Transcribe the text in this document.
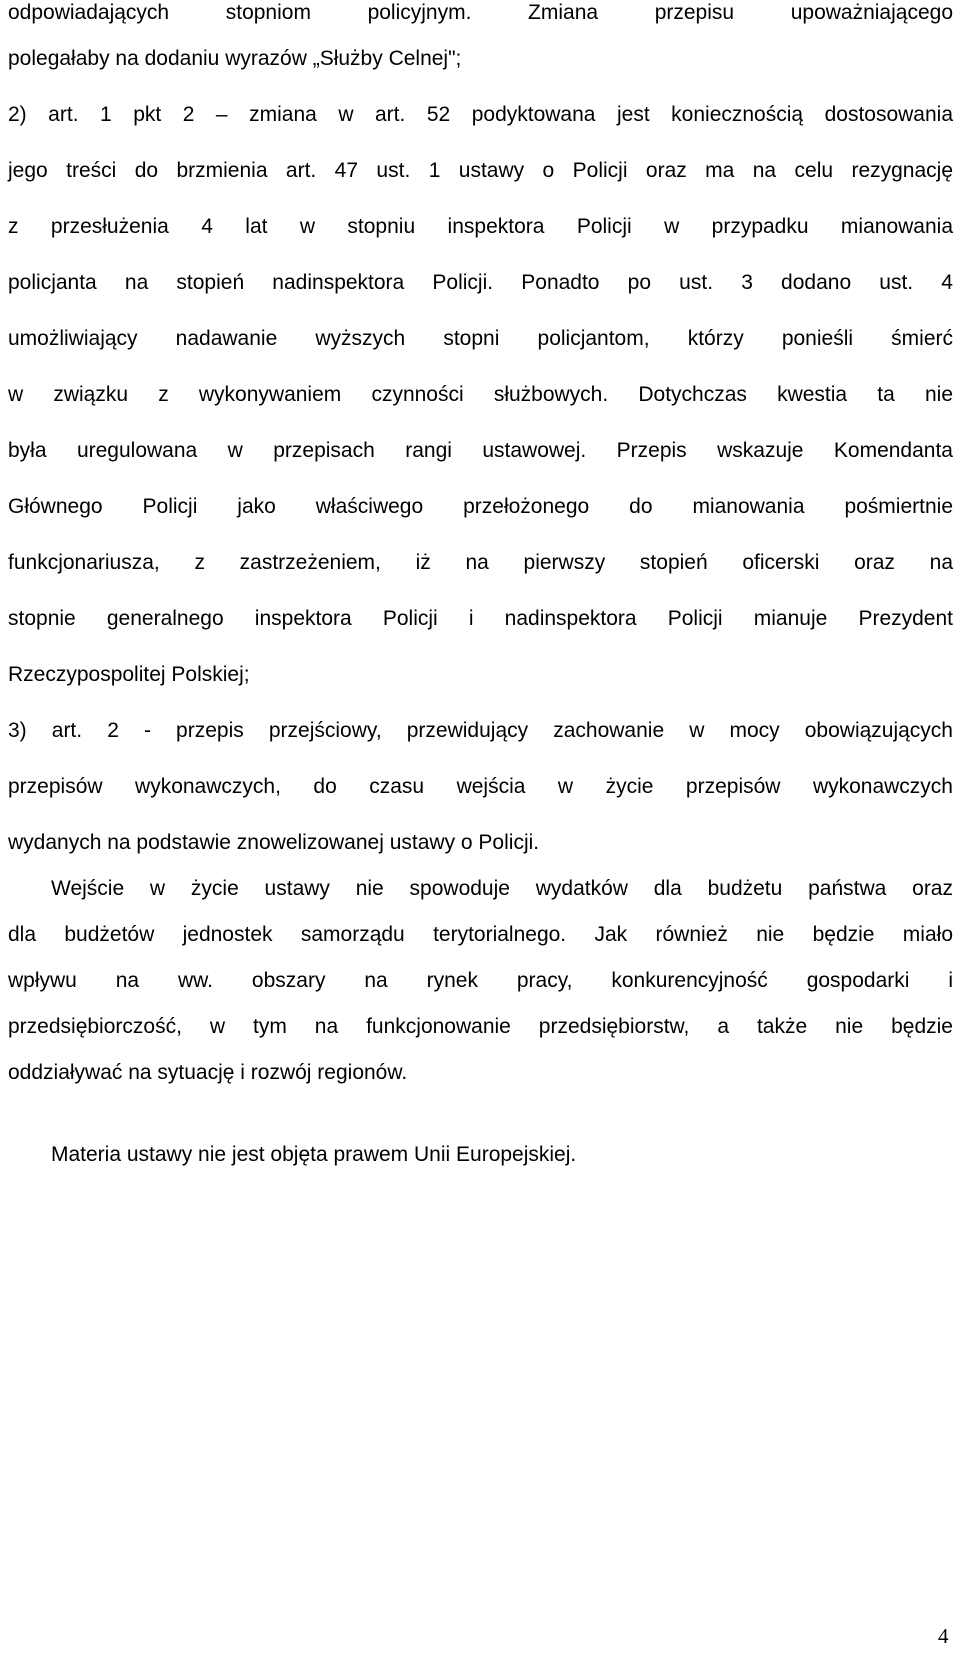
odpowiadających stopniom policyjnym. Zmiana przepisu upoważniającego
polegałaby na dodaniu wyrazów „Służby Celnej";
2) art. 1 pkt 2 – zmiana w art. 52 podyktowana jest koniecznością dostosowania
jego treści do brzmienia art. 47 ust. 1 ustawy o Policji oraz ma na celu rezygnację
z przesłużenia 4 lat w stopniu inspektora Policji w przypadku mianowania
policjanta na stopień nadinspektora Policji. Ponadto po ust. 3 dodano ust. 4
umożliwiający nadawanie wyższych stopni policjantom, którzy ponieśli śmierć
w związku z wykonywaniem czynności służbowych. Dotychczas kwestia ta nie
była uregulowana w przepisach rangi ustawowej. Przepis wskazuje Komendanta
Głównego Policji jako właściwego przełożonego do mianowania pośmiertnie
funkcjonariusza, z zastrzeżeniem, iż na pierwszy stopień oficerski oraz na
stopnie generalnego inspektora Policji i nadinspektora Policji mianuje Prezydent
Rzeczypospolitej Polskiej;
3) art. 2 - przepis przejściowy, przewidujący zachowanie w mocy obowiązujących
przepisów wykonawczych, do czasu wejścia w życie przepisów wykonawczych
wydanych na podstawie znowelizowanej ustawy o Policji.
Wejście w życie ustawy nie spowoduje wydatków dla budżetu państwa oraz
dla budżetów jednostek samorządu terytorialnego. Jak również nie będzie miało
wpływu na ww. obszary na rynek pracy, konkurencyjność gospodarki i
przedsiębiorczość, w tym na funkcjonowanie przedsiębiorstw, a także nie będzie
oddziaływać na sytuację i rozwój regionów.
Materia ustawy nie jest objęta prawem Unii Europejskiej.
4
